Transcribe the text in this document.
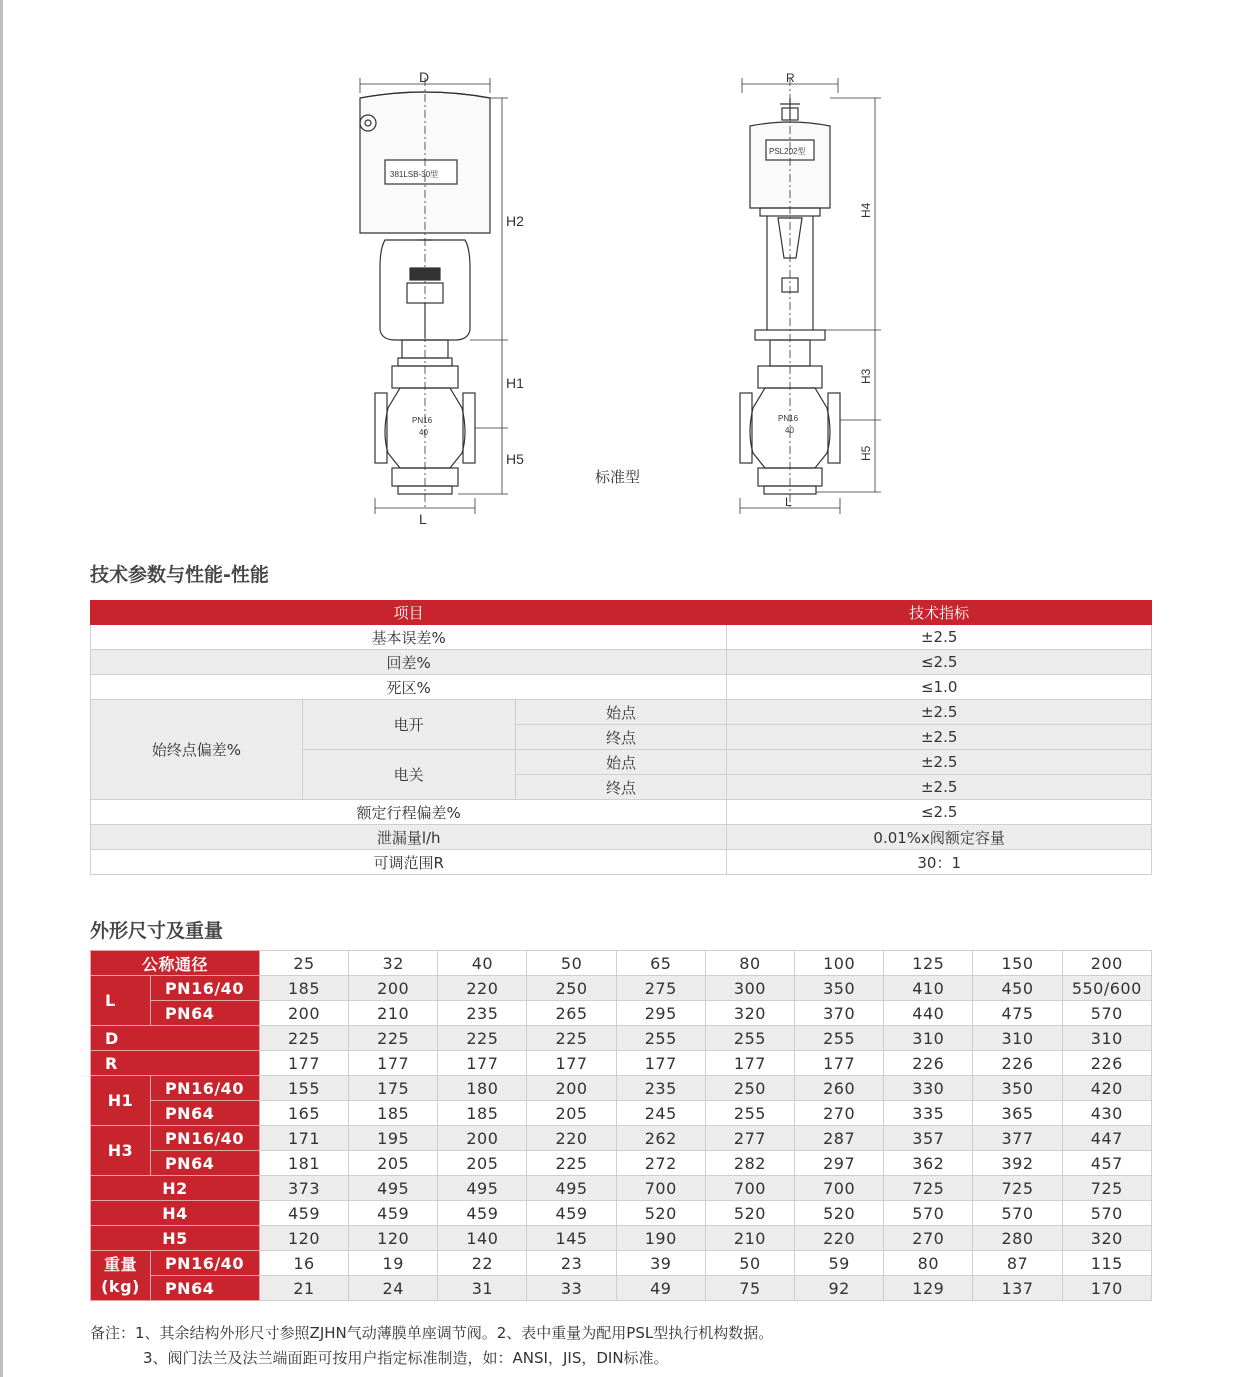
D
H2
H1
H5
L
381LSB-30型
PN16
40
R
H4
H3
H5
L
PSL202型
PN16
40
标准型
技术参数与性能-性能
项目			技术指标
基本误差%			±2.5
回差%			≤2.5
死区%			≤1.0
始终点偏差%	电开	始点	±2.5
		终点	±2.5
	电关	始点	±2.5
		终点	±2.5
额定行程偏差%			≤2.5
泄漏量l/h			0.01%x阀额定容量
可调范围R			30：1
外形尺寸及重量
公称通径		25	32	40	50	65	80	100	125	150	200
L	PN16/40	185	200	220	250	275	300	350	410	450	550/600
	PN64	200	210	235	265	295	320	370	440	475	570
D		225	225	225	225	255	255	255	310	310	310
R		177	177	177	177	177	177	177	226	226	226
H1	PN16/40	155	175	180	200	235	250	260	330	350	420
	PN64	165	185	185	205	245	255	270	335	365	430
H3	PN16/40	171	195	200	220	262	277	287	357	377	447
	PN64	181	205	205	225	272	282	297	362	392	457
H2		373	495	495	495	700	700	700	725	725	725
H4		459	459	459	459	520	520	520	570	570	570
H5		120	120	140	145	190	210	220	270	280	320

重量
(kg)	PN16/40	16	19	22	23	39	50	59	80	87	115
	PN64	21	24	31	33	49	75	92	129	137	170
备注：1、其余结构外形尺寸参照ZJHN气动薄膜单座调节阀。2、表中重量为配用PSL型执行机构数据。
3、阀门法兰及法兰端面距可按用户指定标准制造，如：ANSI，JIS，DIN标准。
